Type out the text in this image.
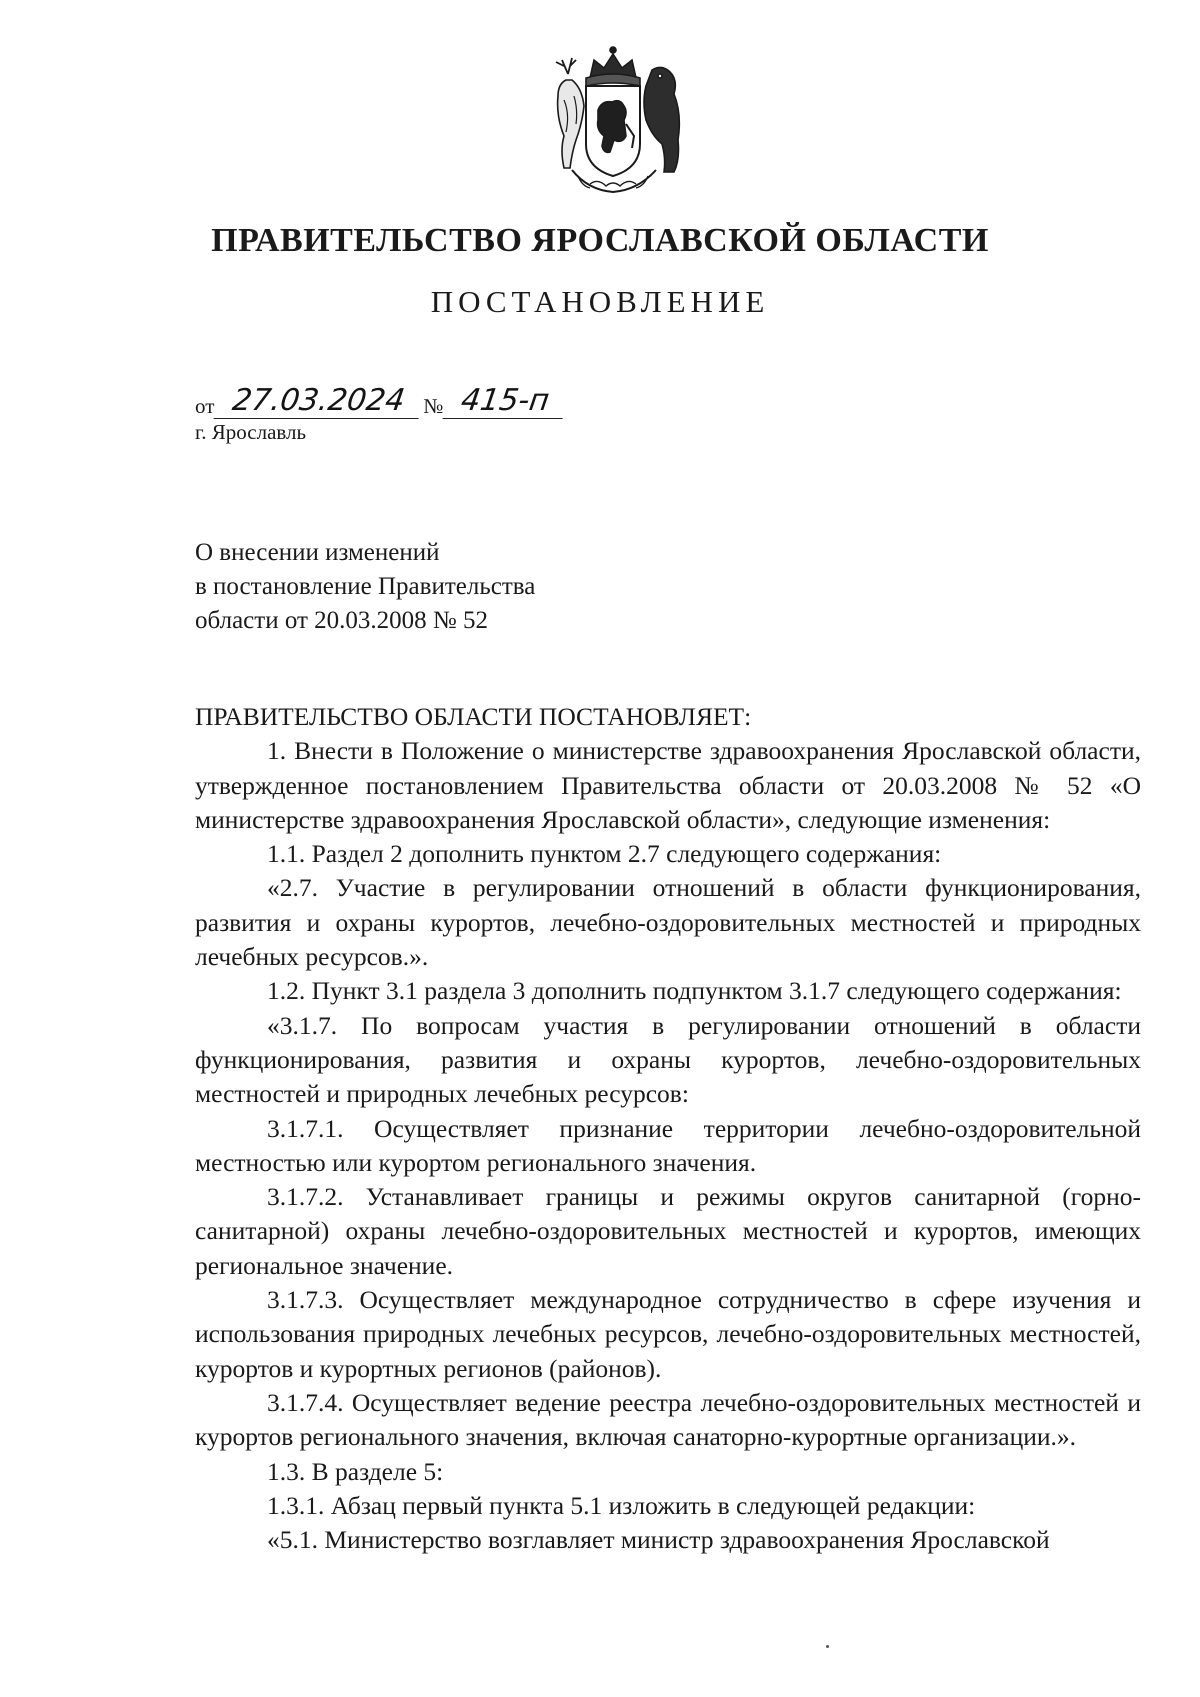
ПРАВИТЕЛЬСТВО ЯРОСЛАВСКОЙ ОБЛАСТИ
ПОСТАНОВЛЕНИЕ
от 27.03.2024 № 415-п
г. Ярославль
О внесении изменений
в постановление Правительства
области от 20.03.2008 № 52

ПРАВИТЕЛЬСТВО ОБЛАСТИ ПОСТАНОВЛЯЕТ:

1. Внести в Положение о министерстве здравоохранения Ярославской области, утвержденное постановлением Правительства области от 20.03.2008 № 52 «О министерстве здравоохранения Ярославской области», следующие изменения:

1.1. Раздел 2 дополнить пунктом 2.7 следующего содержания:

«2.7. Участие в регулировании отношений в области функционирования, развития и охраны курортов, лечебно-оздоровительных местностей и природных лечебных ресурсов.».

1.2. Пункт 3.1 раздела 3 дополнить подпунктом 3.1.7 следующего содержания:

«3.1.7. По вопросам участия в регулировании отношений в области функционирования, развития и охраны курортов, лечебно-оздоровительных местностей и природных лечебных ресурсов:

3.1.7.1. Осуществляет признание территории лечебно-оздоровительной местностью или курортом регионального значения.

3.1.7.2. Устанавливает границы и режимы округов санитарной (горно-санитарной) охраны лечебно-оздоровительных местностей и курортов, имеющих региональное значение.

3.1.7.3. Осуществляет международное сотрудничество в сфере изучения и использования природных лечебных ресурсов, лечебно-оздоровительных местностей, курортов и курортных регионов (районов).

3.1.7.4. Осуществляет ведение реестра лечебно-оздоровительных местностей и курортов регионального значения, включая санаторно-курортные организации.».

1.3. В разделе 5:

1.3.1. Абзац первый пункта 5.1 изложить в следующей редакции:

«5.1. Министерство возглавляет министр здравоохранения Ярославской
